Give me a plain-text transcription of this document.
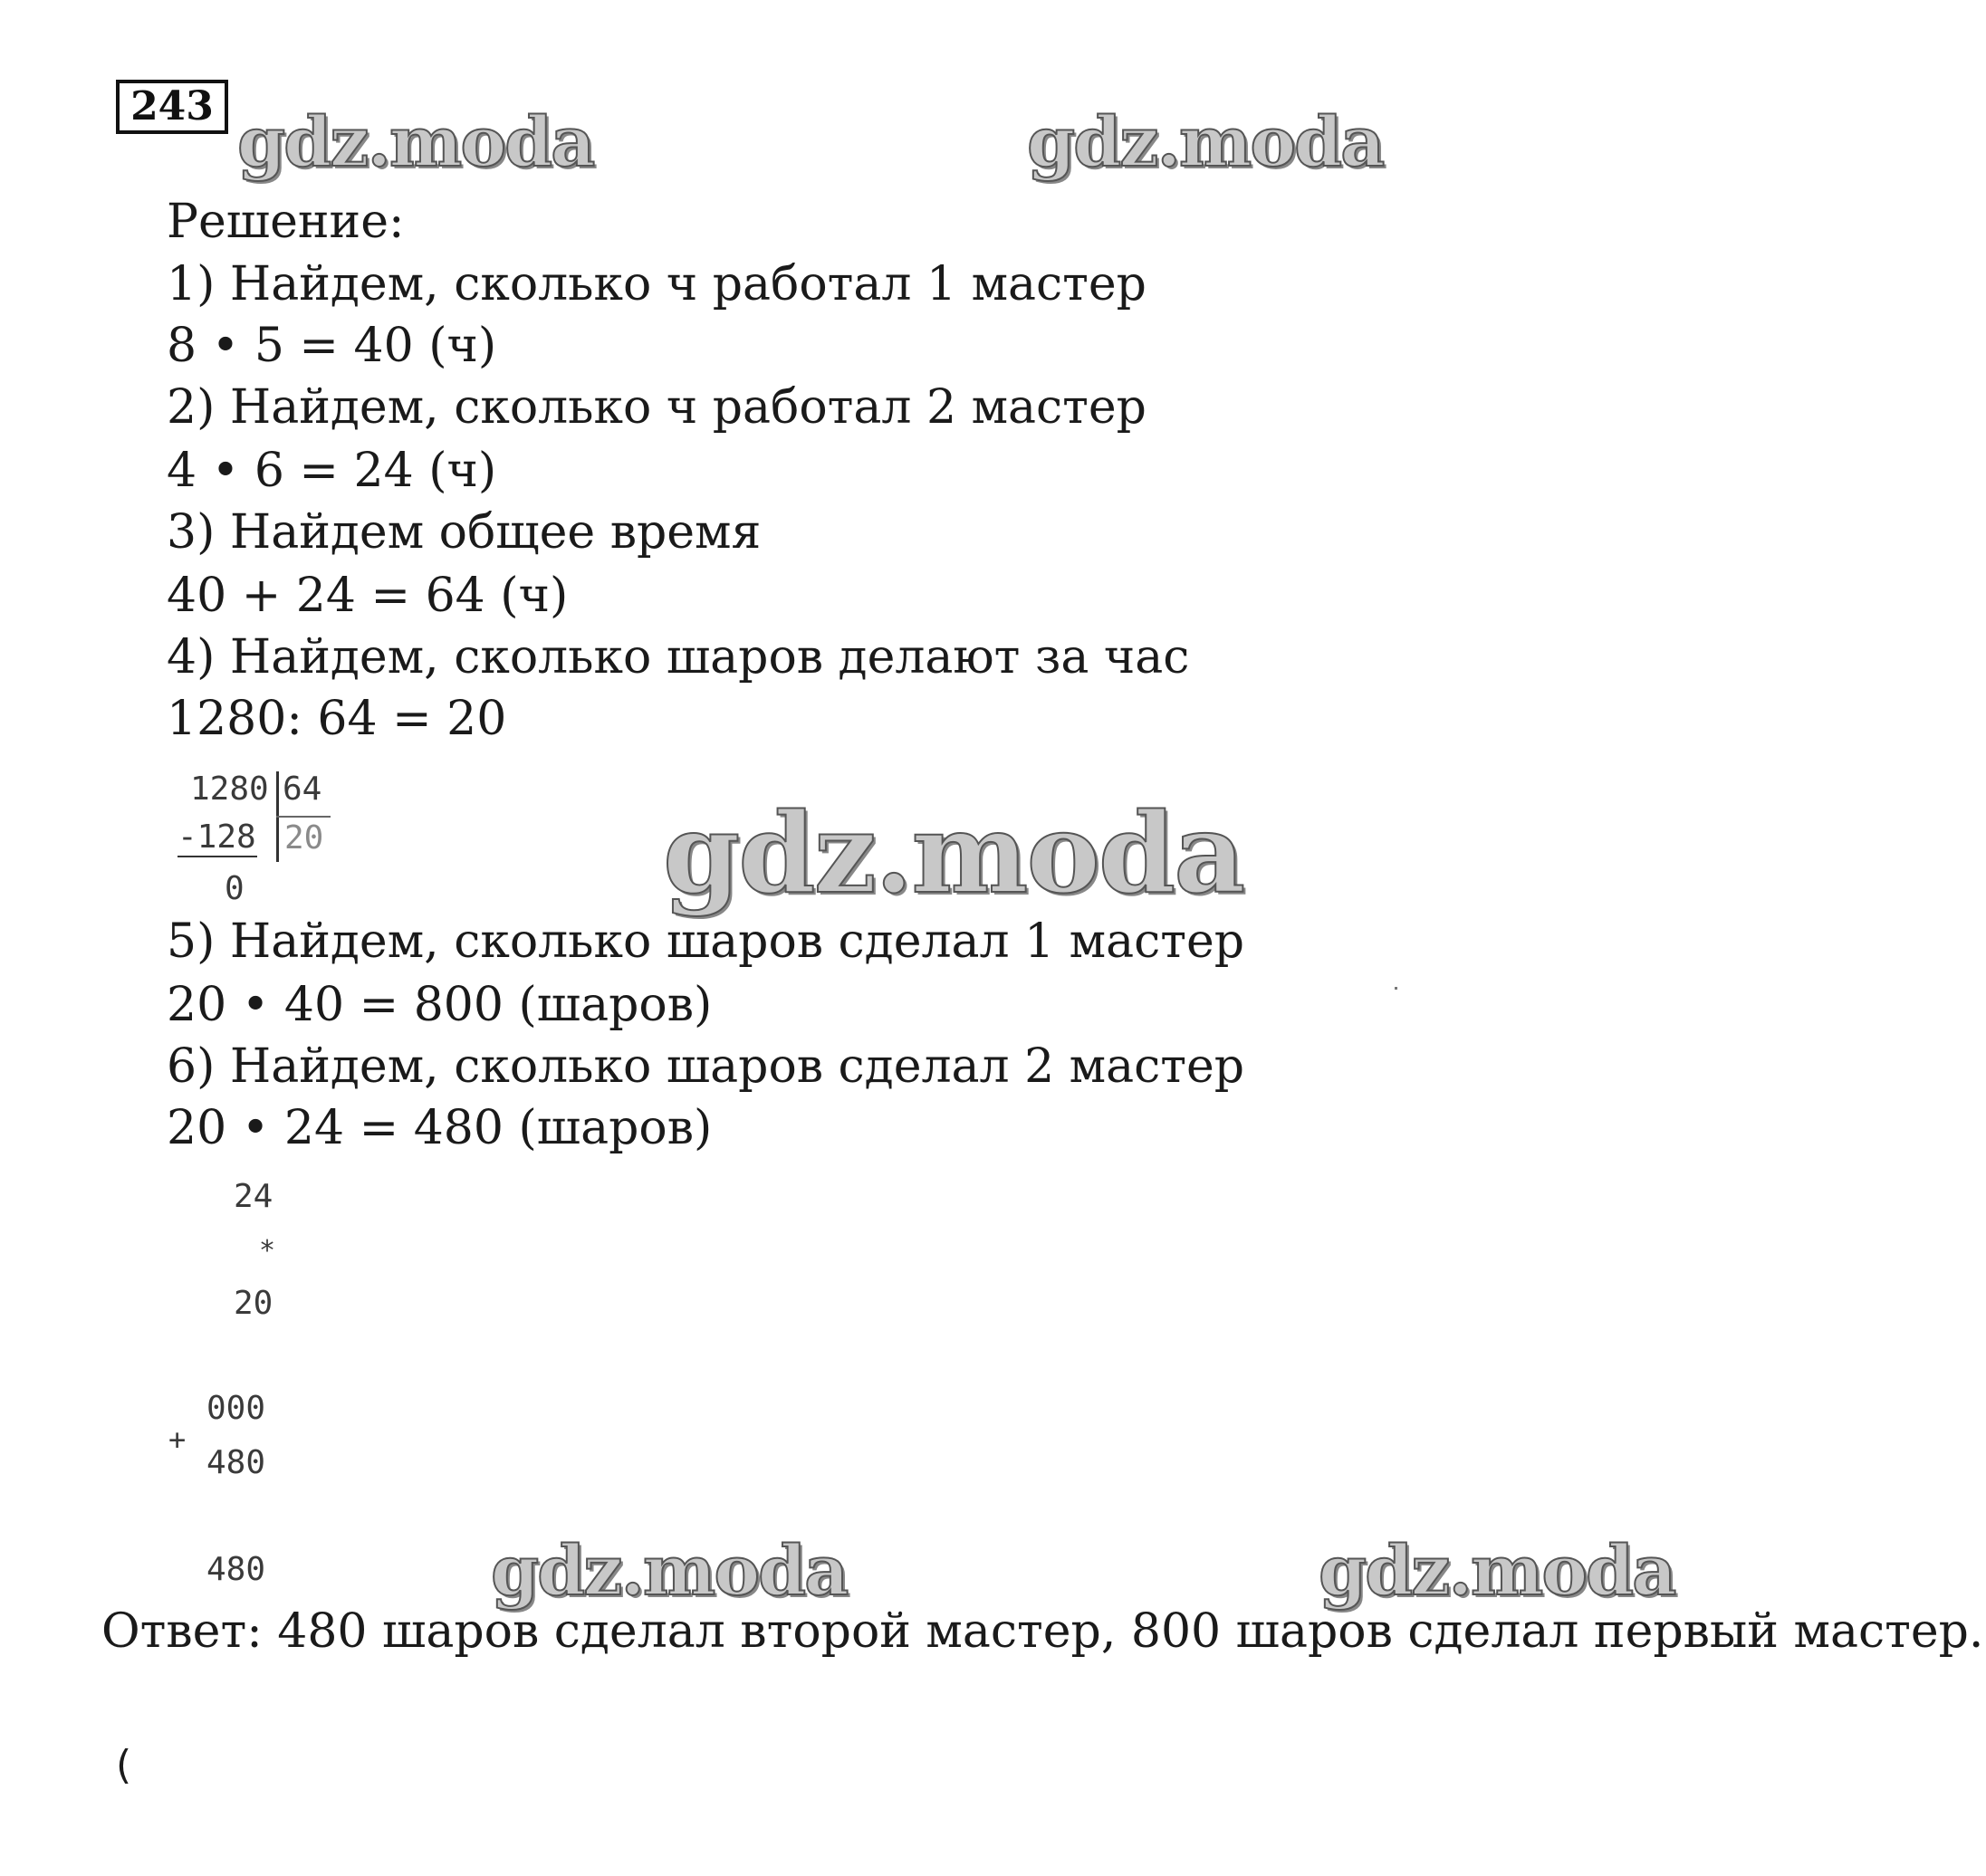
243 gdz.moda	gdz.moda
gdz.moda
gdz.moda	gdz.moda
Решение:
1) Найдем, сколько ч работал 1 мастер
8 • 5 = 40 (ч)
2) Найдем, сколько ч работал 2 мастер
4 • 6 = 24 (ч)
3) Найдем общее время
40 + 24 = 64 (ч)
4) Найдем, сколько шаров делают за час
1280: 64 = 20
1280 64
-128 20
0
5) Найдем, сколько шаров сделал 1 мастер
20 • 40 = 800 (шаров)
6) Найдем, сколько шаров сделал 2 мастер
20 • 24 = 480 (шаров)
24
*
20
000
+
480
480
Ответ: 480 шаров сделал второй мастер, 800 шаров сделал первый мастер.
(
